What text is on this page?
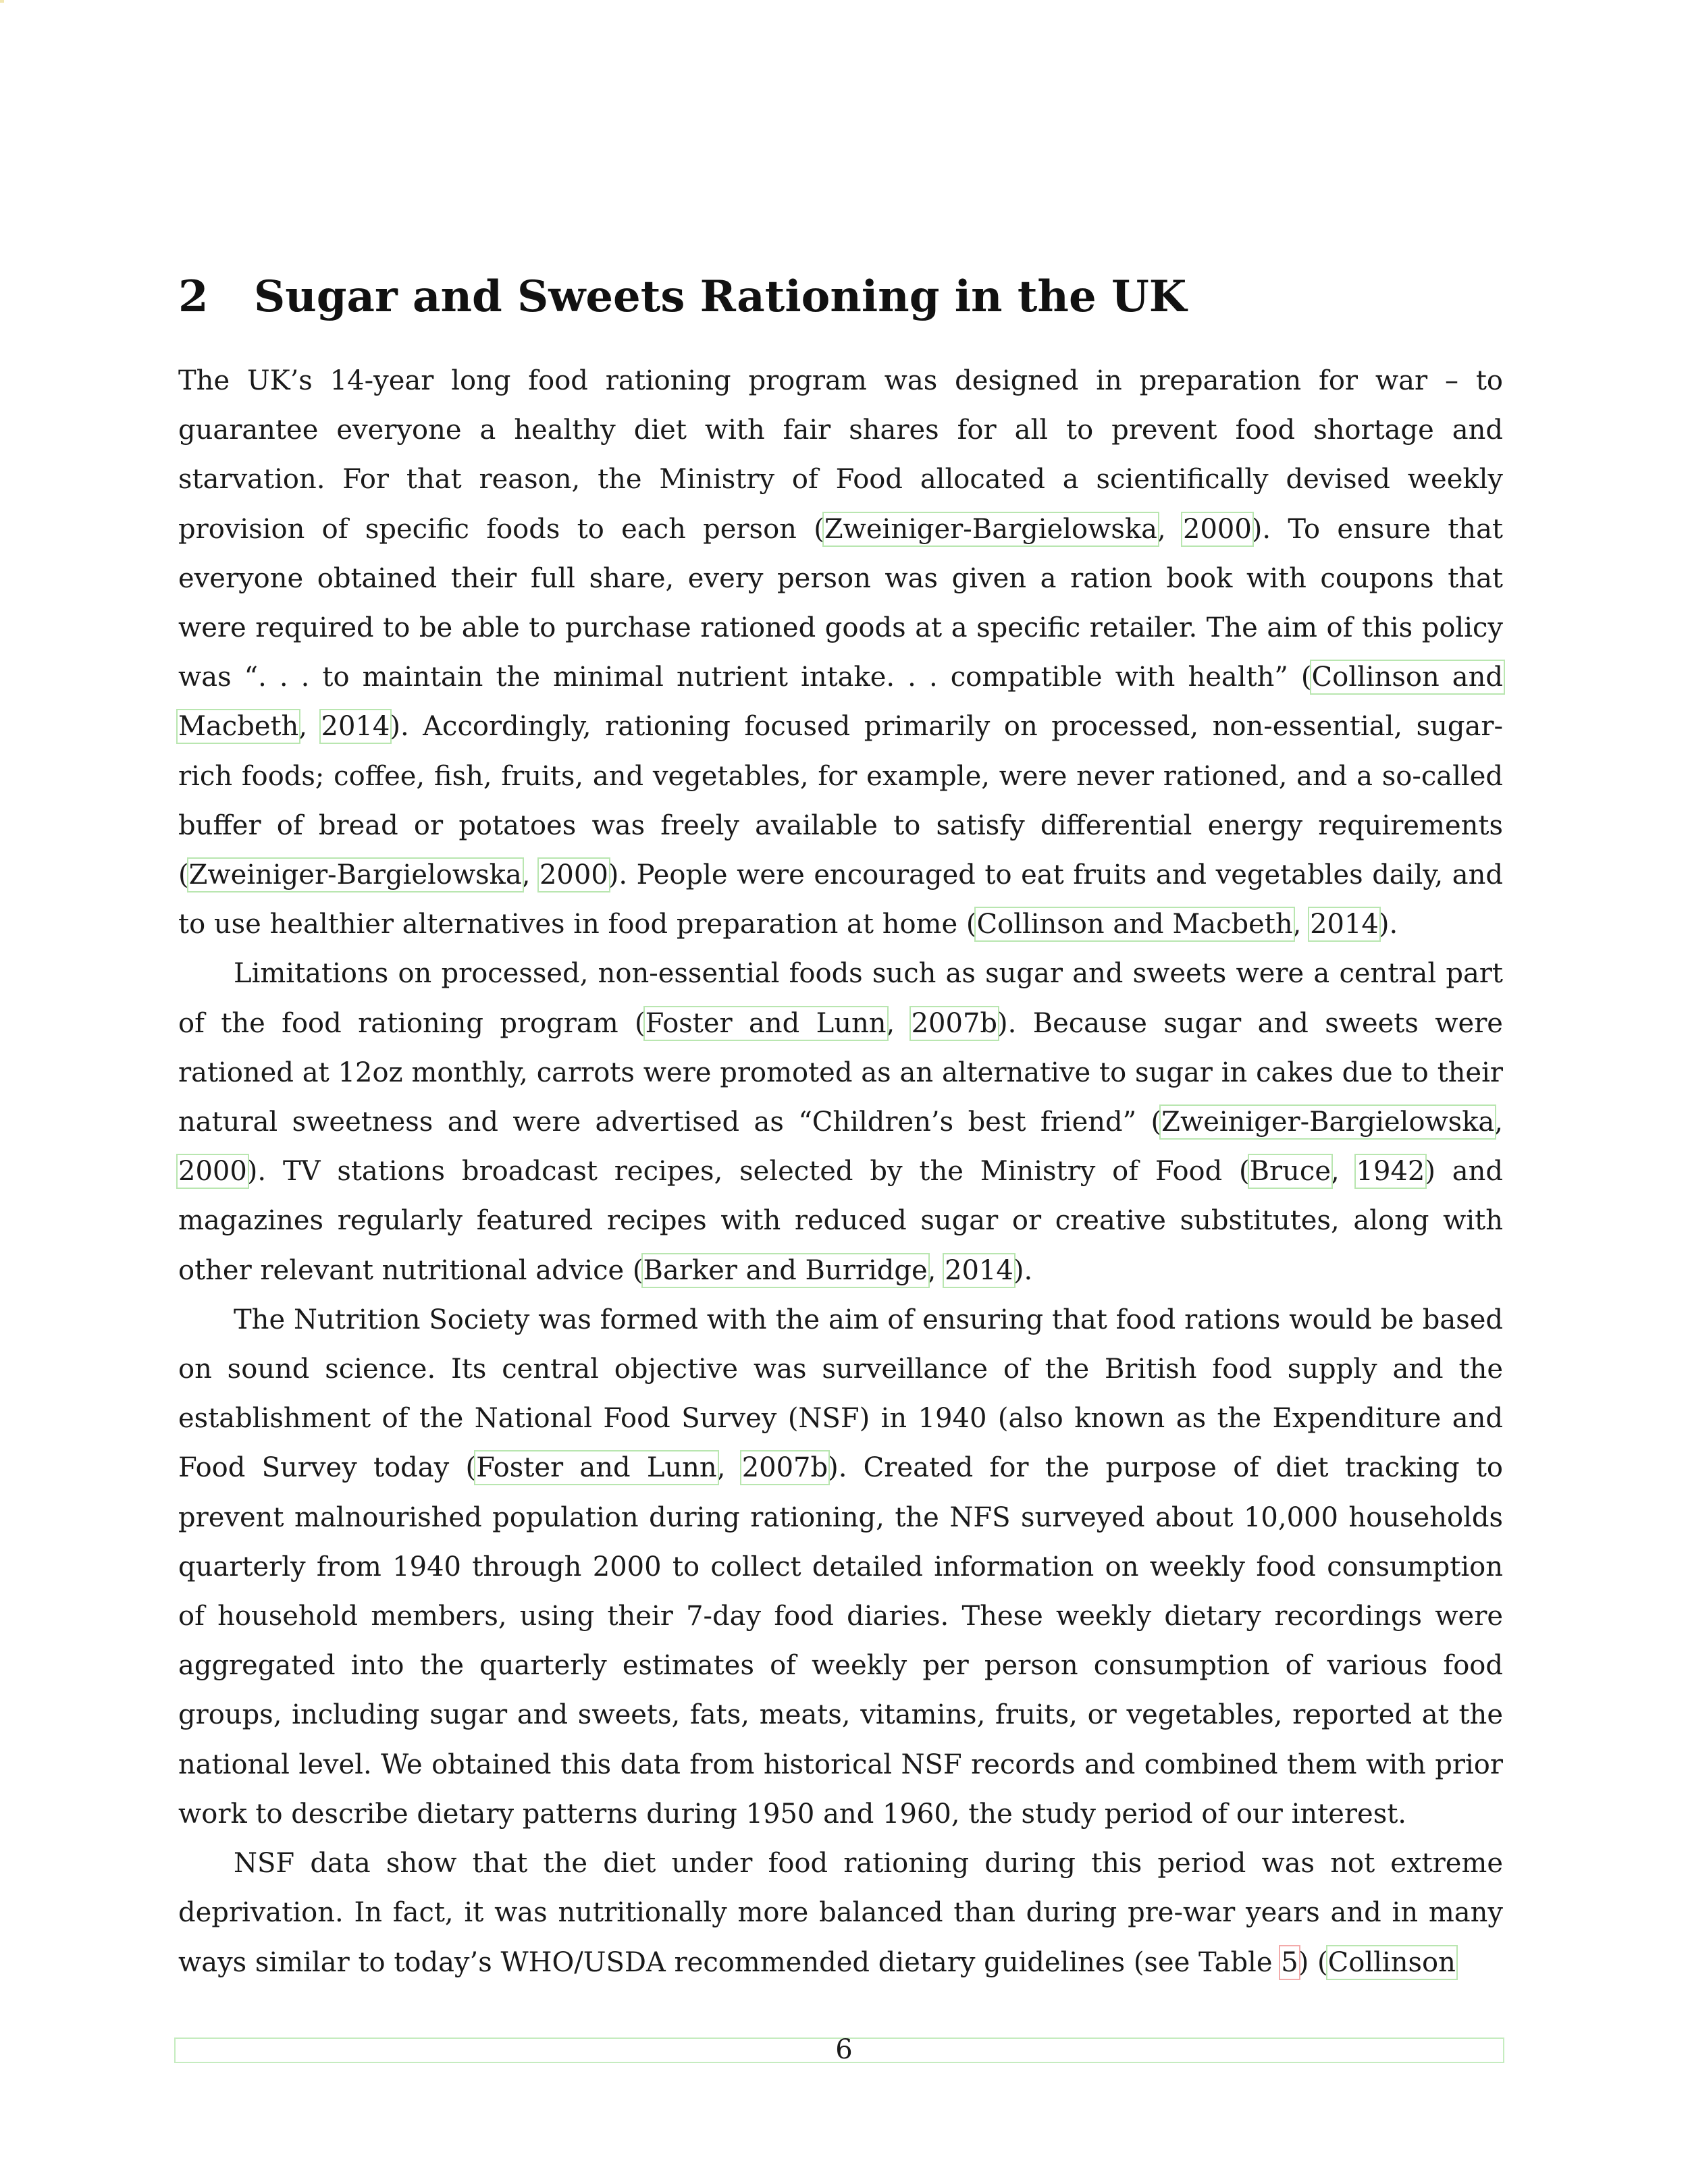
2 Sugar and Sweets Rationing in the UK

The UK’s 14-year long food rationing program was designed in preparation for war – to guarantee everyone a healthy diet with fair shares for all to prevent food shortage and starvation. For that reason, the Ministry of Food allocated a scientifically devised weekly provision of specific foods to each person (Zweiniger-Bargielowska, 2000). To ensure that everyone obtained their full share, every person was given a ration book with coupons that were required to be able to purchase rationed goods at a specific retailer. The aim of this policy was “. . . to maintain the minimal nutrient intake. . . compatible with health” (Collinson and Macbeth, 2014). Accordingly, rationing focused primarily on processed, non-essential, sugar-rich foods; coffee, fish, fruits, and vegetables, for example, were never rationed, and a so-called buffer of bread or potatoes was freely available to satisfy differential energy requirements (Zweiniger-Bargielowska, 2000). People were encouraged to eat fruits and vegetables daily, and to use healthier alternatives in food preparation at home (Collinson and Macbeth, 2014).

Limitations on processed, non-essential foods such as sugar and sweets were a central part of the food rationing program (Foster and Lunn, 2007b). Because sugar and sweets were rationed at 12oz monthly, carrots were promoted as an alternative to sugar in cakes due to their natural sweetness and were advertised as “Children’s best friend” (Zweiniger-Bargielowska, 2000). TV stations broadcast recipes, selected by the Ministry of Food (Bruce, 1942) and magazines regularly featured recipes with reduced sugar or creative substitutes, along with other relevant nutritional advice (Barker and Burridge, 2014).

The Nutrition Society was formed with the aim of ensuring that food rations would be based on sound science. Its central objective was surveillance of the British food supply and the establishment of the National Food Survey (NSF) in 1940 (also known as the Expenditure and Food Survey today (Foster and Lunn, 2007b). Created for the purpose of diet tracking to prevent malnourished population during rationing, the NFS surveyed about 10,000 households quarterly from 1940 through 2000 to collect detailed information on weekly food consumption of household members, using their 7-day food diaries. These weekly dietary recordings were aggregated into the quarterly estimates of weekly per person consumption of various food groups, including sugar and sweets, fats, meats, vitamins, fruits, or vegetables, reported at the national level. We obtained this data from historical NSF records and combined them with prior work to describe dietary patterns during 1950 and 1960, the study period of our interest.

NSF data show that the diet under food rationing during this period was not extreme deprivation. In fact, it was nutritionally more balanced than during pre-war years and in many ways similar to today’s WHO/USDA recommended dietary guidelines (see Table 5) (Collinson

6
